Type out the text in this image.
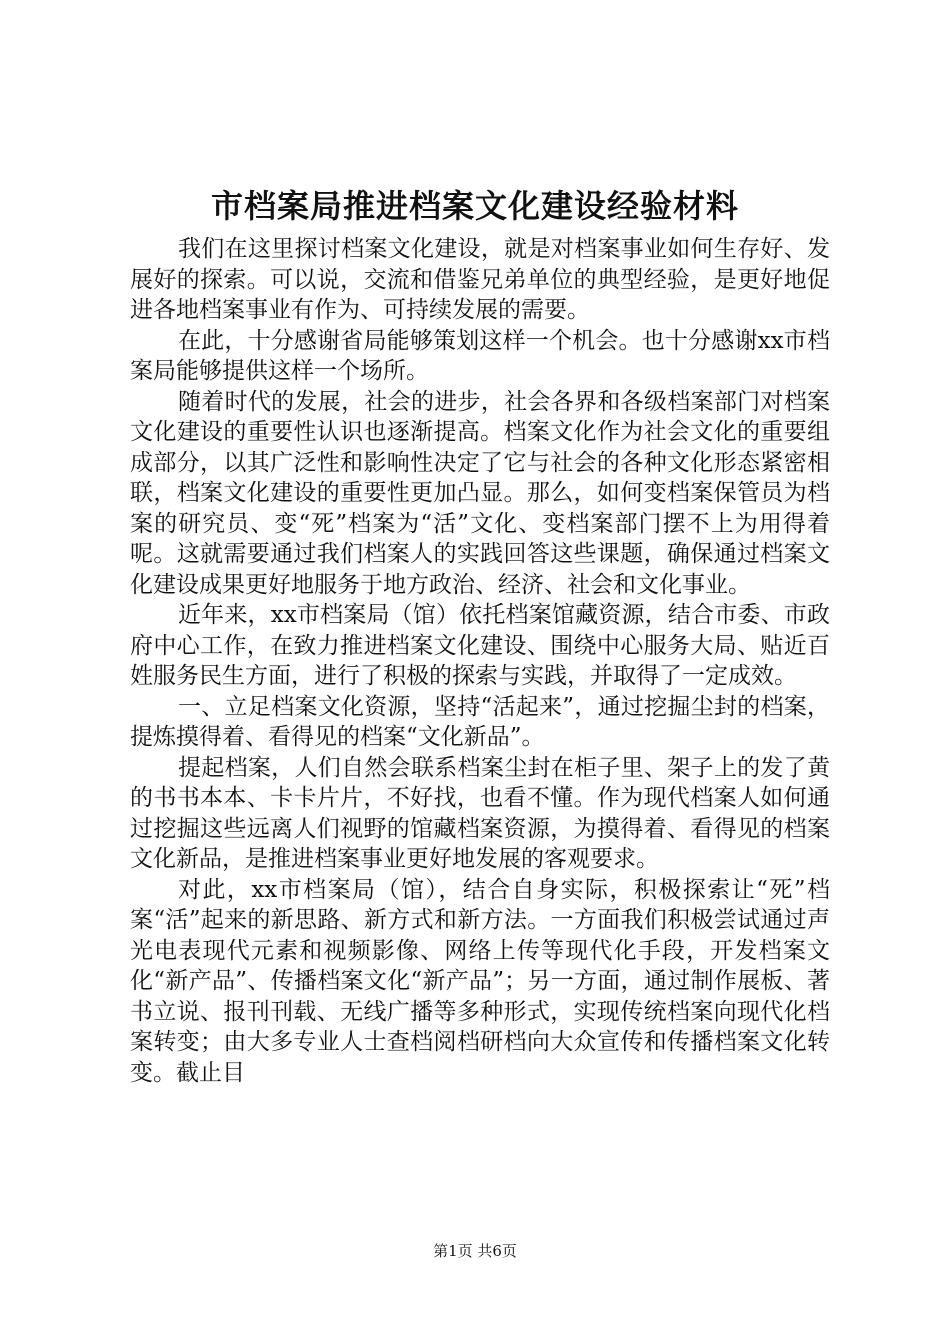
市档案局推进档案文化建设经验材料

我们在这里探讨档案文化建设，就是对档案事业如何生存好、发展好的探索。可以说，交流和借鉴兄弟单位的典型经验，是更好地促进各地档案事业有作为、可持续发展的需要。

在此，十分感谢省局能够策划这样一个机会。也十分感谢xx市档案局能够提供这样一个场所。

随着时代的发展，社会的进步，社会各界和各级档案部门对档案文化建设的重要性认识也逐渐提高。档案文化作为社会文化的重要组成部分，以其广泛性和影响性决定了它与社会的各种文化形态紧密相联，档案文化建设的重要性更加凸显。那么，如何变档案保管员为档案的研究员、变“死”档案为“活”文化、变档案部门摆不上为用得着呢。这就需要通过我们档案人的实践回答这些课题，确保通过档案文化建设成果更好地服务于地方政治、经济、社会和文化事业。

近年来，xx市档案局（馆）依托档案馆藏资源，结合市委、市政府中心工作，在致力推进档案文化建设、围绕中心服务大局、贴近百姓服务民生方面，进行了积极的探索与实践，并取得了一定成效。

一、立足档案文化资源，坚持“活起来”，通过挖掘尘封的档案，提炼摸得着、看得见的档案“文化新品”。

提起档案，人们自然会联系档案尘封在柜子里、架子上的发了黄的书书本本、卡卡片片，不好找，也看不懂。作为现代档案人如何通过挖掘这些远离人们视野的馆藏档案资源，为摸得着、看得见的档案文化新品，是推进档案事业更好地发展的客观要求。

对此，xx市档案局（馆），结合自身实际，积极探索让“死”档案“活”起来的新思路、新方式和新方法。一方面我们积极尝试通过声光电表现代元素和视频影像、网络上传等现代化手段，开发档案文化“新产品”、传播档案文化“新产品”；另一方面，通过制作展板、著书立说、报刊刊载、无线广播等多种形式，实现传统档案向现代化档案转变；由大多专业人士查档阅档研档向大众宣传和传播档案文化转变。截止目

第1页 共6页
